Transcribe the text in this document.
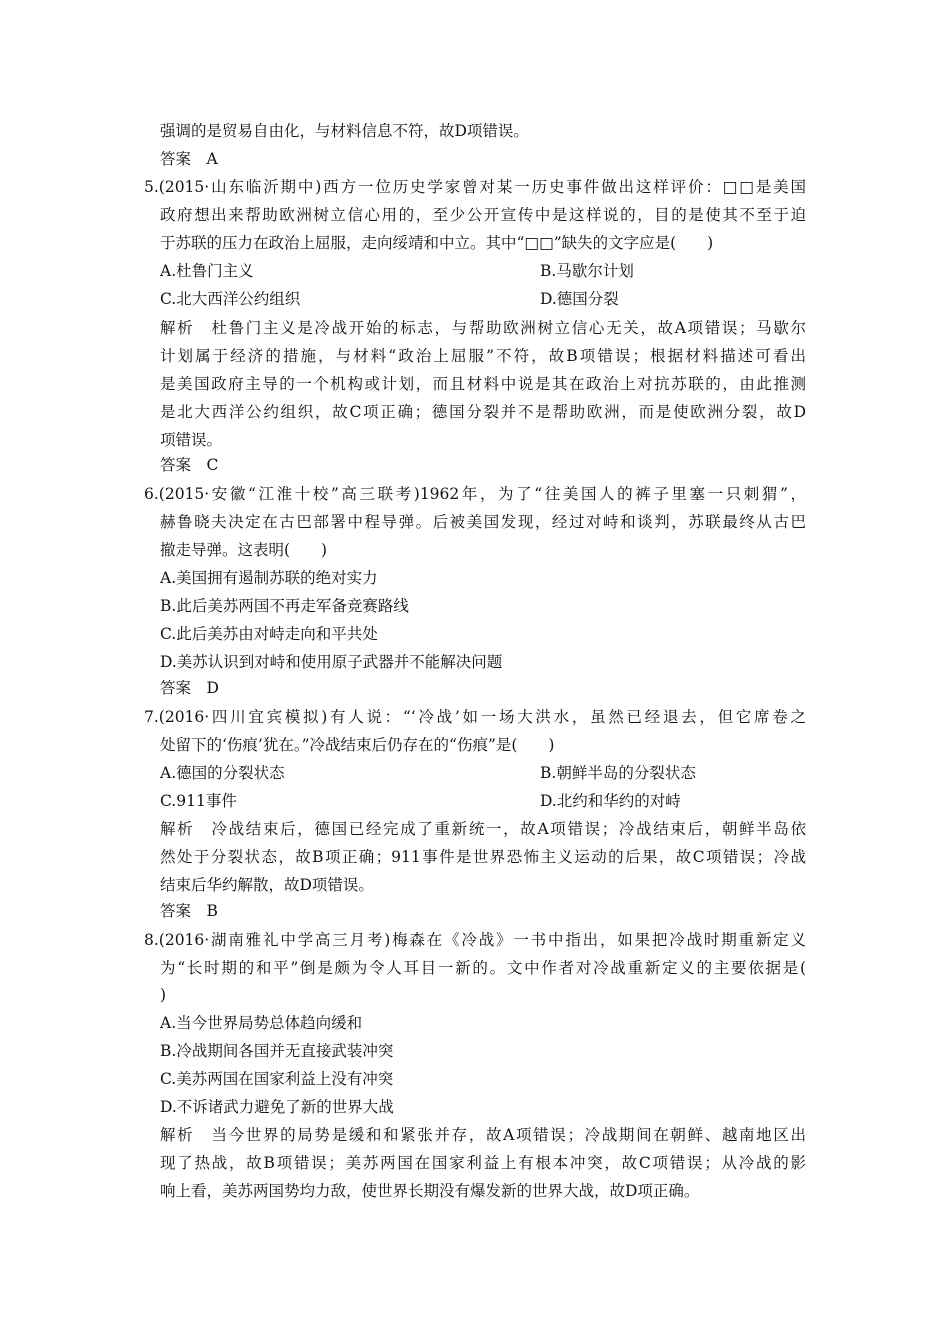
强调的是贸易自由化，与材料信息不符，故D项错误。
答案　A
5.(2015·山东临沂期中)西方一位历史学家曾对某一历史事件做出这样评价：□□是美国
政府想出来帮助欧洲树立信心用的，至少公开宣传中是这样说的，目的是使其不至于迫
于苏联的压力在政治上屈服，走向绥靖和中立。其中“□□”缺失的文字应是(　　)
A.杜鲁门主义	B.马歇尔计划
C.北大西洋公约组织	D.德国分裂
解析　杜鲁门主义是冷战开始的标志，与帮助欧洲树立信心无关，故A项错误；马歇尔
计划属于经济的措施，与材料“政治上屈服”不符，故B项错误；根据材料描述可看出
是美国政府主导的一个机构或计划，而且材料中说是其在政治上对抗苏联的，由此推测
是北大西洋公约组织，故C项正确；德国分裂并不是帮助欧洲，而是使欧洲分裂，故D
项错误。
答案　C
6.(2015·安徽“江淮十校”高三联考)1962年，为了“往美国人的裤子里塞一只刺猬”，
赫鲁晓夫决定在古巴部署中程导弹。后被美国发现，经过对峙和谈判，苏联最终从古巴
撤走导弹。这表明(　　)
A.美国拥有遏制苏联的绝对实力
B.此后美苏两国不再走军备竞赛路线
C.此后美苏由对峙走向和平共处
D.美苏认识到对峙和使用原子武器并不能解决问题
答案　D
7.(2016·四川宜宾模拟)有人说：“‘冷战’如一场大洪水，虽然已经退去，但它席卷之
处留下的‘伤痕’犹在。”冷战结束后仍存在的“伤痕”是(　　)
A.德国的分裂状态	B.朝鲜半岛的分裂状态
C.911事件	D.北约和华约的对峙
解析　冷战结束后，德国已经完成了重新统一，故A项错误；冷战结束后，朝鲜半岛依
然处于分裂状态，故B项正确；911事件是世界恐怖主义运动的后果，故C项错误；冷战
结束后华约解散，故D项错误。
答案　B
8.(2016·湖南雅礼中学高三月考)梅森在《冷战》一书中指出，如果把冷战时期重新定义
为“长时期的和平”倒是颇为令人耳目一新的。文中作者对冷战重新定义的主要依据是(
)
A.当今世界局势总体趋向缓和
B.冷战期间各国并无直接武装冲突
C.美苏两国在国家利益上没有冲突
D.不诉诸武力避免了新的世界大战
解析　当今世界的局势是缓和和紧张并存，故A项错误；冷战期间在朝鲜、越南地区出
现了热战，故B项错误；美苏两国在国家利益上有根本冲突，故C项错误；从冷战的影
响上看，美苏两国势均力敌，使世界长期没有爆发新的世界大战，故D项正确。
